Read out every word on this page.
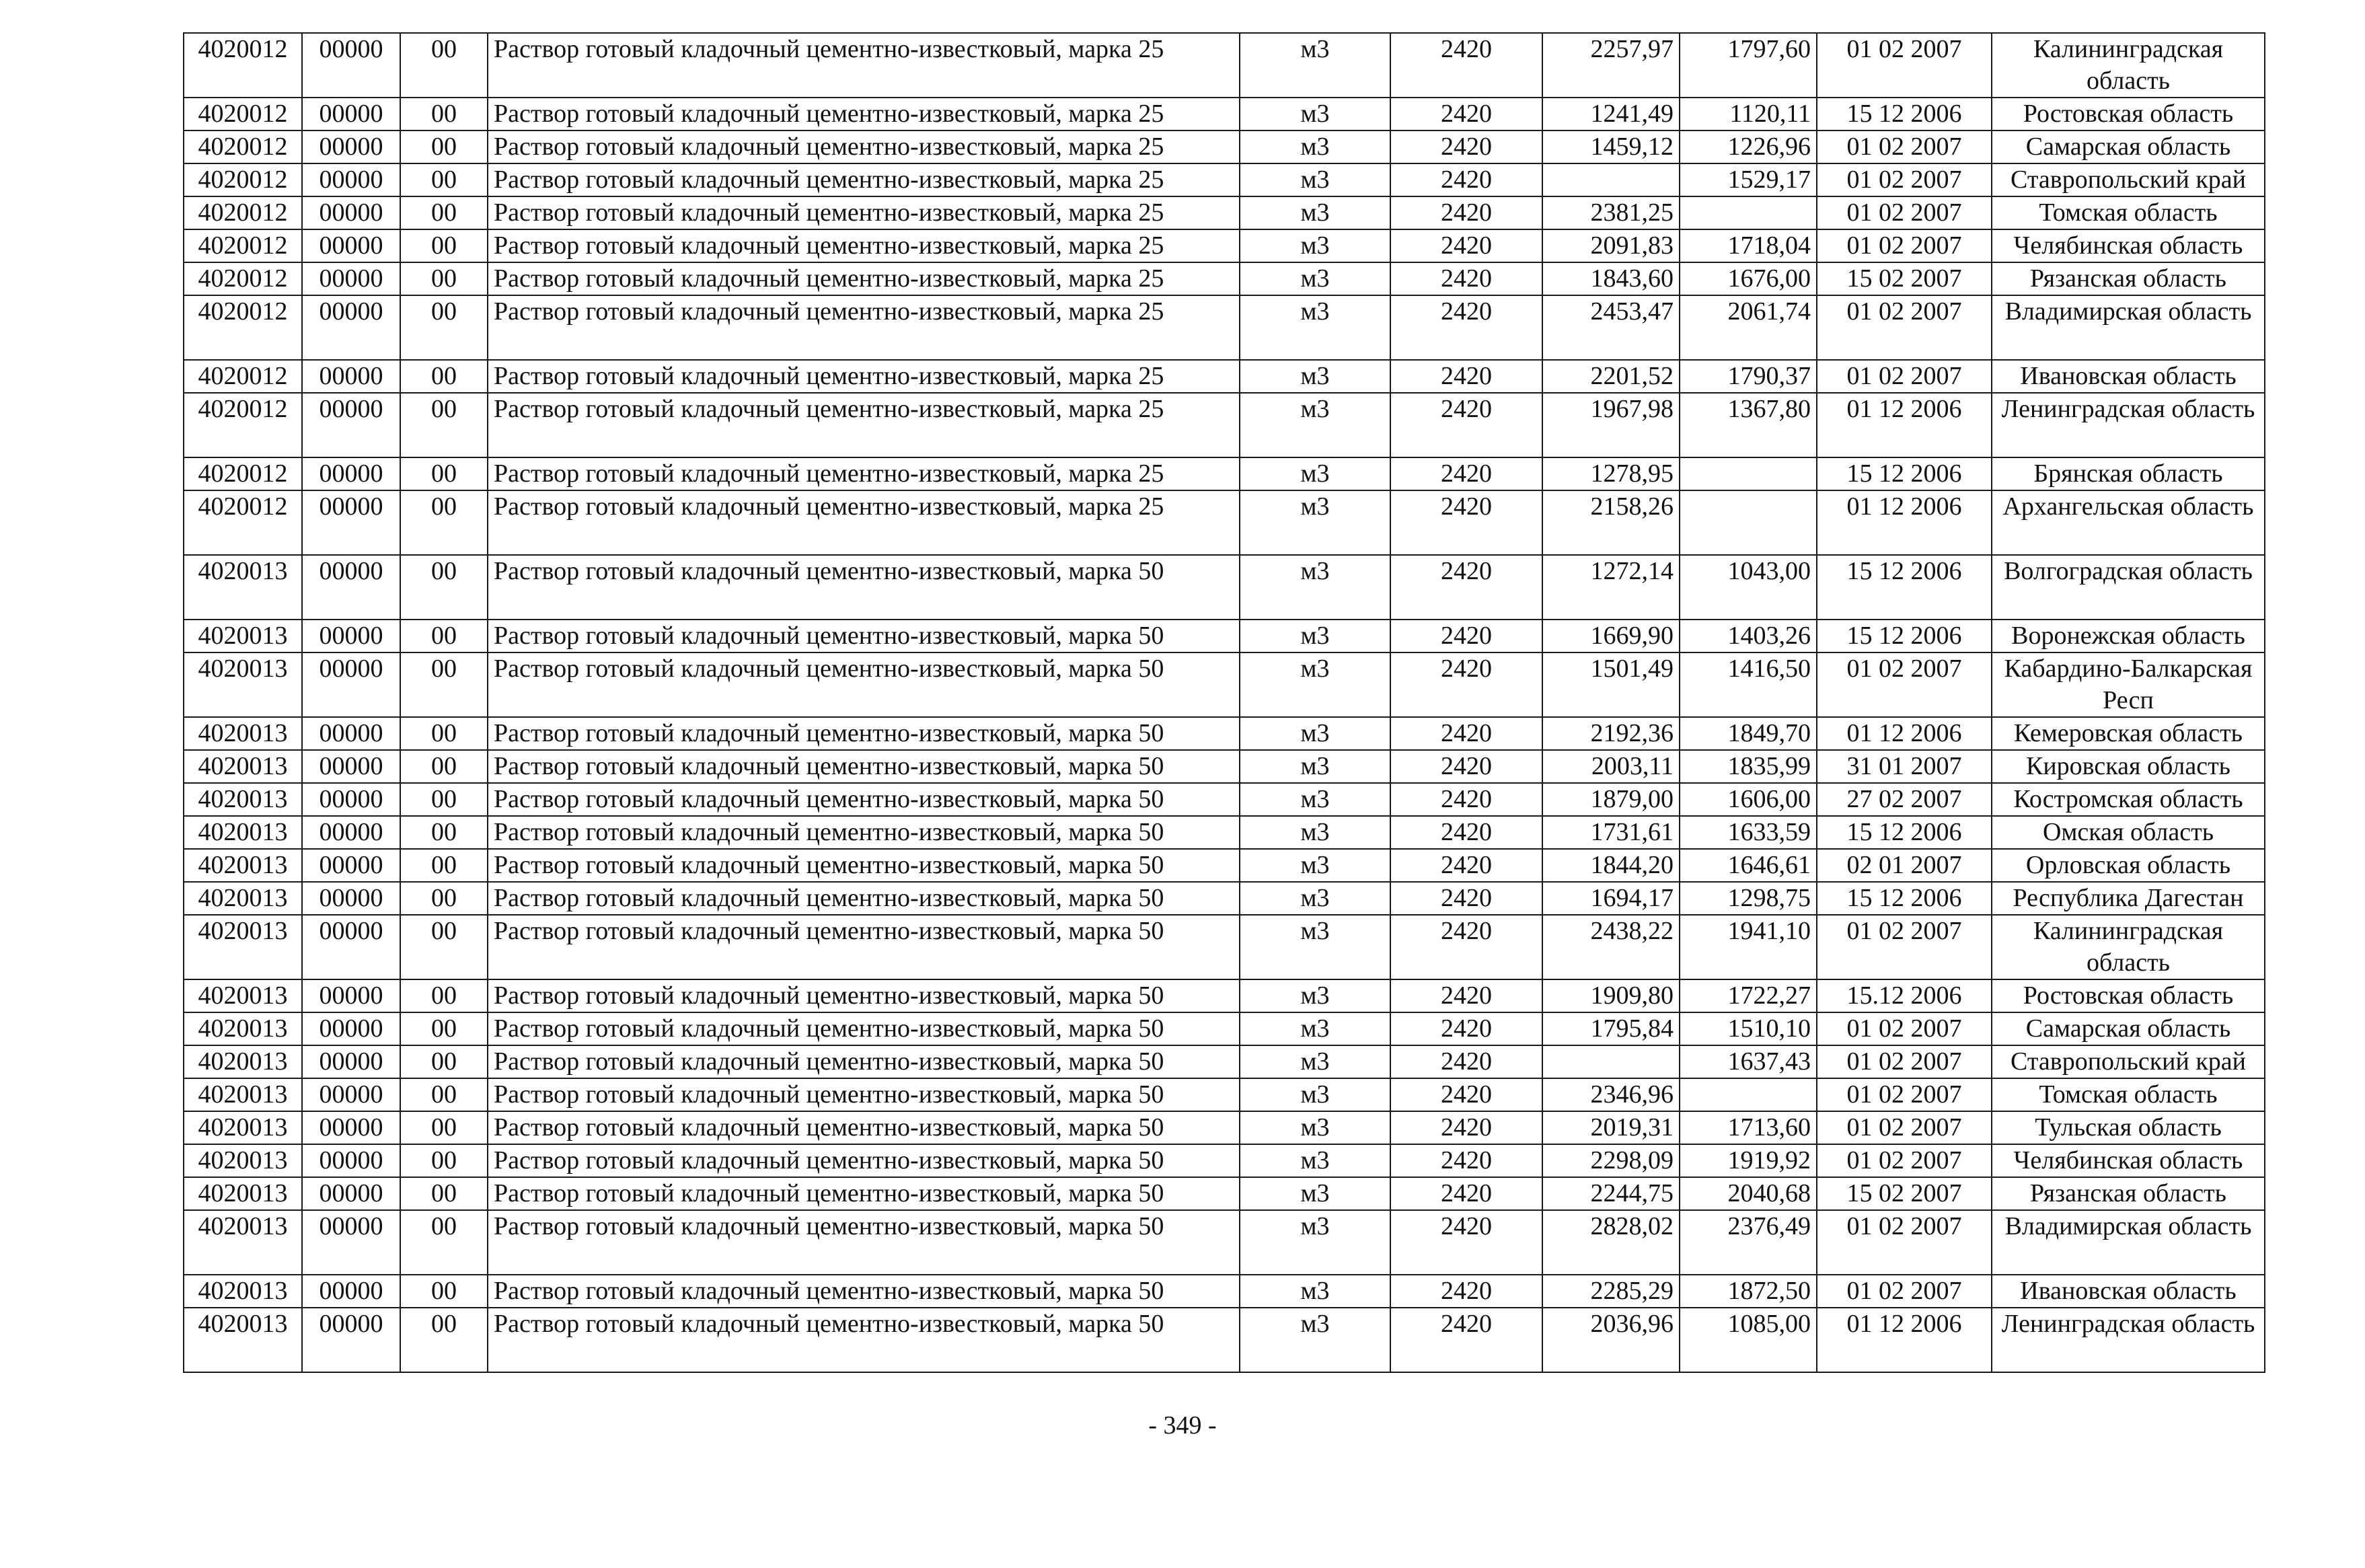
4020012	00000	00	Раствор готовый кладочный цементно-известковый, марка 25	м3	2420	2257,97	1797,60	01 02 2007	Калининградская область
4020012	00000	00	Раствор готовый кладочный цементно-известковый, марка 25	м3	2420	1241,49	1120,11	15 12 2006	Ростовская область
4020012	00000	00	Раствор готовый кладочный цементно-известковый, марка 25	м3	2420	1459,12	1226,96	01 02 2007	Самарская область
4020012	00000	00	Раствор готовый кладочный цементно-известковый, марка 25	м3	2420		1529,17	01 02 2007	Ставропольский край
4020012	00000	00	Раствор готовый кладочный цементно-известковый, марка 25	м3	2420	2381,25		01 02 2007	Томская область
4020012	00000	00	Раствор готовый кладочный цементно-известковый, марка 25	м3	2420	2091,83	1718,04	01 02 2007	Челябинская область
4020012	00000	00	Раствор готовый кладочный цементно-известковый, марка 25	м3	2420	1843,60	1676,00	15 02 2007	Рязанская область
4020012	00000	00	Раствор готовый кладочный цементно-известковый, марка 25	м3	2420	2453,47	2061,74	01 02 2007	Владимирская область
4020012	00000	00	Раствор готовый кладочный цементно-известковый, марка 25	м3	2420	2201,52	1790,37	01 02 2007	Ивановская область
4020012	00000	00	Раствор готовый кладочный цементно-известковый, марка 25	м3	2420	1967,98	1367,80	01 12 2006	Ленинградская область
4020012	00000	00	Раствор готовый кладочный цементно-известковый, марка 25	м3	2420	1278,95		15 12 2006	Брянская область
4020012	00000	00	Раствор готовый кладочный цементно-известковый, марка 25	м3	2420	2158,26		01 12 2006	Архангельская область
4020013	00000	00	Раствор готовый кладочный цементно-известковый, марка 50	м3	2420	1272,14	1043,00	15 12 2006	Волгоградская область
4020013	00000	00	Раствор готовый кладочный цементно-известковый, марка 50	м3	2420	1669,90	1403,26	15 12 2006	Воронежская область
4020013	00000	00	Раствор готовый кладочный цементно-известковый, марка 50	м3	2420	1501,49	1416,50	01 02 2007	Кабардино-Балкарская Респ
4020013	00000	00	Раствор готовый кладочный цементно-известковый, марка 50	м3	2420	2192,36	1849,70	01 12 2006	Кемеровская область
4020013	00000	00	Раствор готовый кладочный цементно-известковый, марка 50	м3	2420	2003,11	1835,99	31 01 2007	Кировская область
4020013	00000	00	Раствор готовый кладочный цементно-известковый, марка 50	м3	2420	1879,00	1606,00	27 02 2007	Костромская область
4020013	00000	00	Раствор готовый кладочный цементно-известковый, марка 50	м3	2420	1731,61	1633,59	15 12 2006	Омская область
4020013	00000	00	Раствор готовый кладочный цементно-известковый, марка 50	м3	2420	1844,20	1646,61	02 01 2007	Орловская область
4020013	00000	00	Раствор готовый кладочный цементно-известковый, марка 50	м3	2420	1694,17	1298,75	15 12 2006	Республика Дагестан
4020013	00000	00	Раствор готовый кладочный цементно-известковый, марка 50	м3	2420	2438,22	1941,10	01 02 2007	Калининградская область
4020013	00000	00	Раствор готовый кладочный цементно-известковый, марка 50	м3	2420	1909,80	1722,27	15.12 2006	Ростовская область
4020013	00000	00	Раствор готовый кладочный цементно-известковый, марка 50	м3	2420	1795,84	1510,10	01 02 2007	Самарская область
4020013	00000	00	Раствор готовый кладочный цементно-известковый, марка 50	м3	2420		1637,43	01 02 2007	Ставропольский край
4020013	00000	00	Раствор готовый кладочный цементно-известковый, марка 50	м3	2420	2346,96		01 02 2007	Томская область
4020013	00000	00	Раствор готовый кладочный цементно-известковый, марка 50	м3	2420	2019,31	1713,60	01 02 2007	Тульская область
4020013	00000	00	Раствор готовый кладочный цементно-известковый, марка 50	м3	2420	2298,09	1919,92	01 02 2007	Челябинская область
4020013	00000	00	Раствор готовый кладочный цементно-известковый, марка 50	м3	2420	2244,75	2040,68	15 02 2007	Рязанская область
4020013	00000	00	Раствор готовый кладочный цементно-известковый, марка 50	м3	2420	2828,02	2376,49	01 02 2007	Владимирская область
4020013	00000	00	Раствор готовый кладочный цементно-известковый, марка 50	м3	2420	2285,29	1872,50	01 02 2007	Ивановская область
4020013	00000	00	Раствор готовый кладочный цементно-известковый, марка 50	м3	2420	2036,96	1085,00	01 12 2006	Ленинградская область
- 349 -
